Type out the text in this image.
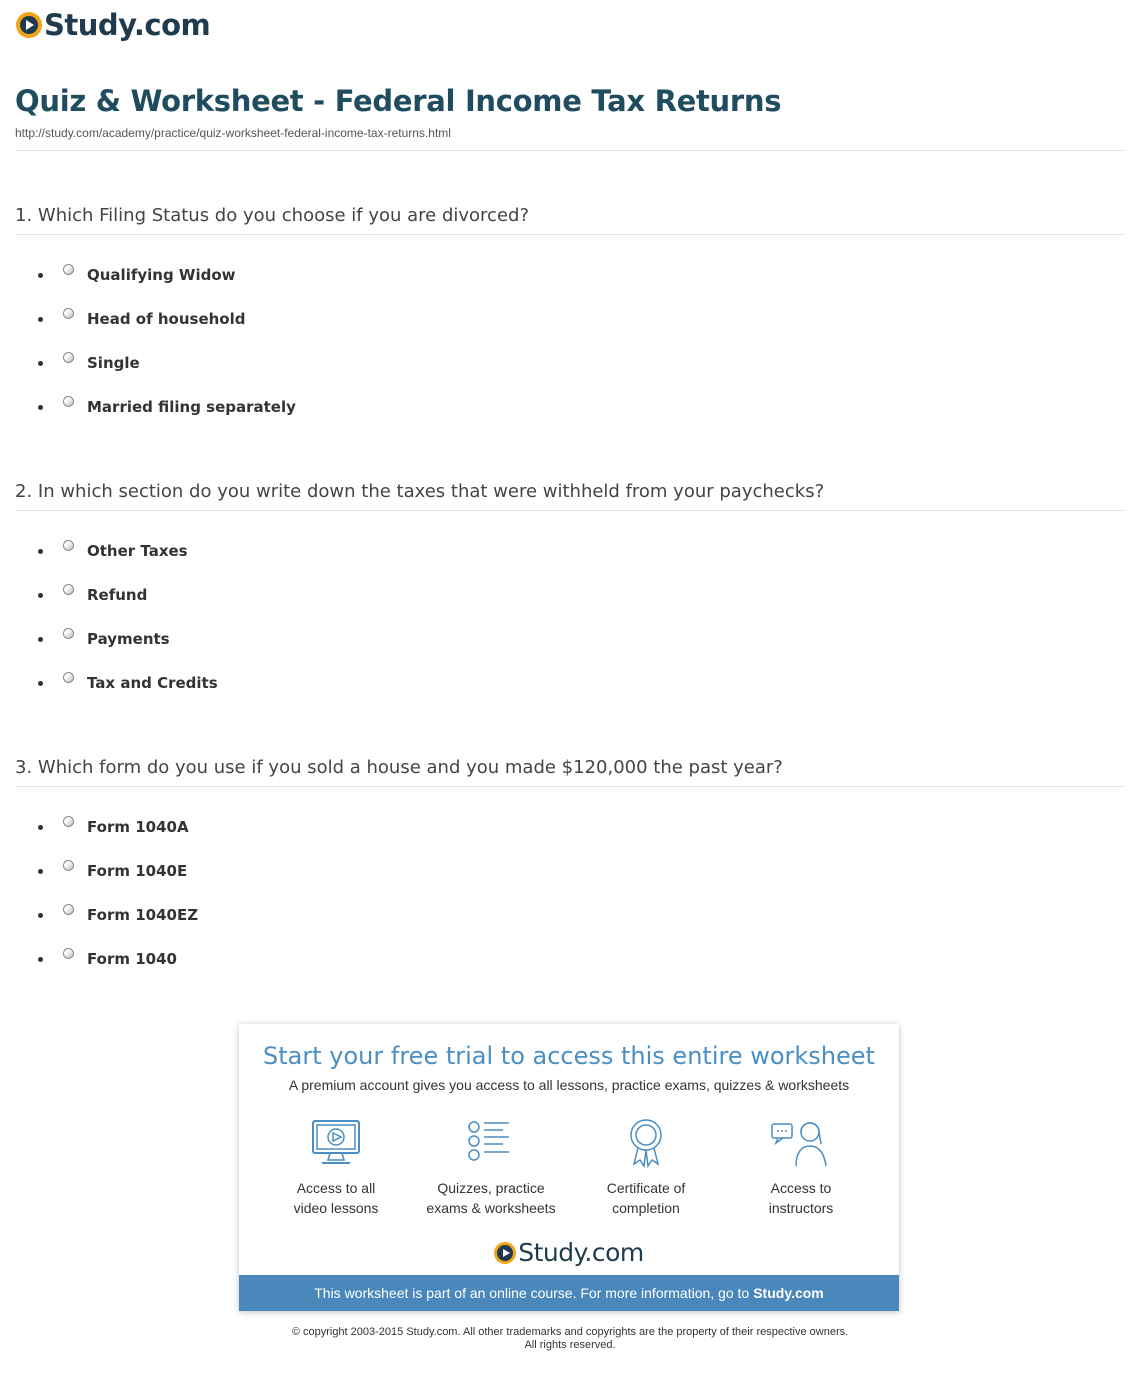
Study.com
Quiz & Worksheet - Federal Income Tax Returns
http://study.com/academy/practice/quiz-worksheet-federal-income-tax-returns.html
1. Which Filing Status do you choose if you are divorced?
Qualifying Widow
Head of household
Single
Married filing separately
2. In which section do you write down the taxes that were withheld from your paychecks?
Other Taxes
Refund
Payments
Tax and Credits
3. Which form do you use if you sold a house and you made $120,000 the past year?
Form 1040A
Form 1040E
Form 1040EZ
Form 1040
Start your free trial to access this entire worksheet
A premium account gives you access to all lessons, practice exams, quizzes & worksheets
Access to all
video lessons
Quizzes, practice
exams & worksheets
Certificate of
completion
Access to
instructors
Study.com
This worksheet is part of an online course. For more information, go to Study.com
© copyright 2003-2015 Study.com. All other trademarks and copyrights are the property of their respective owners.
All rights reserved.
